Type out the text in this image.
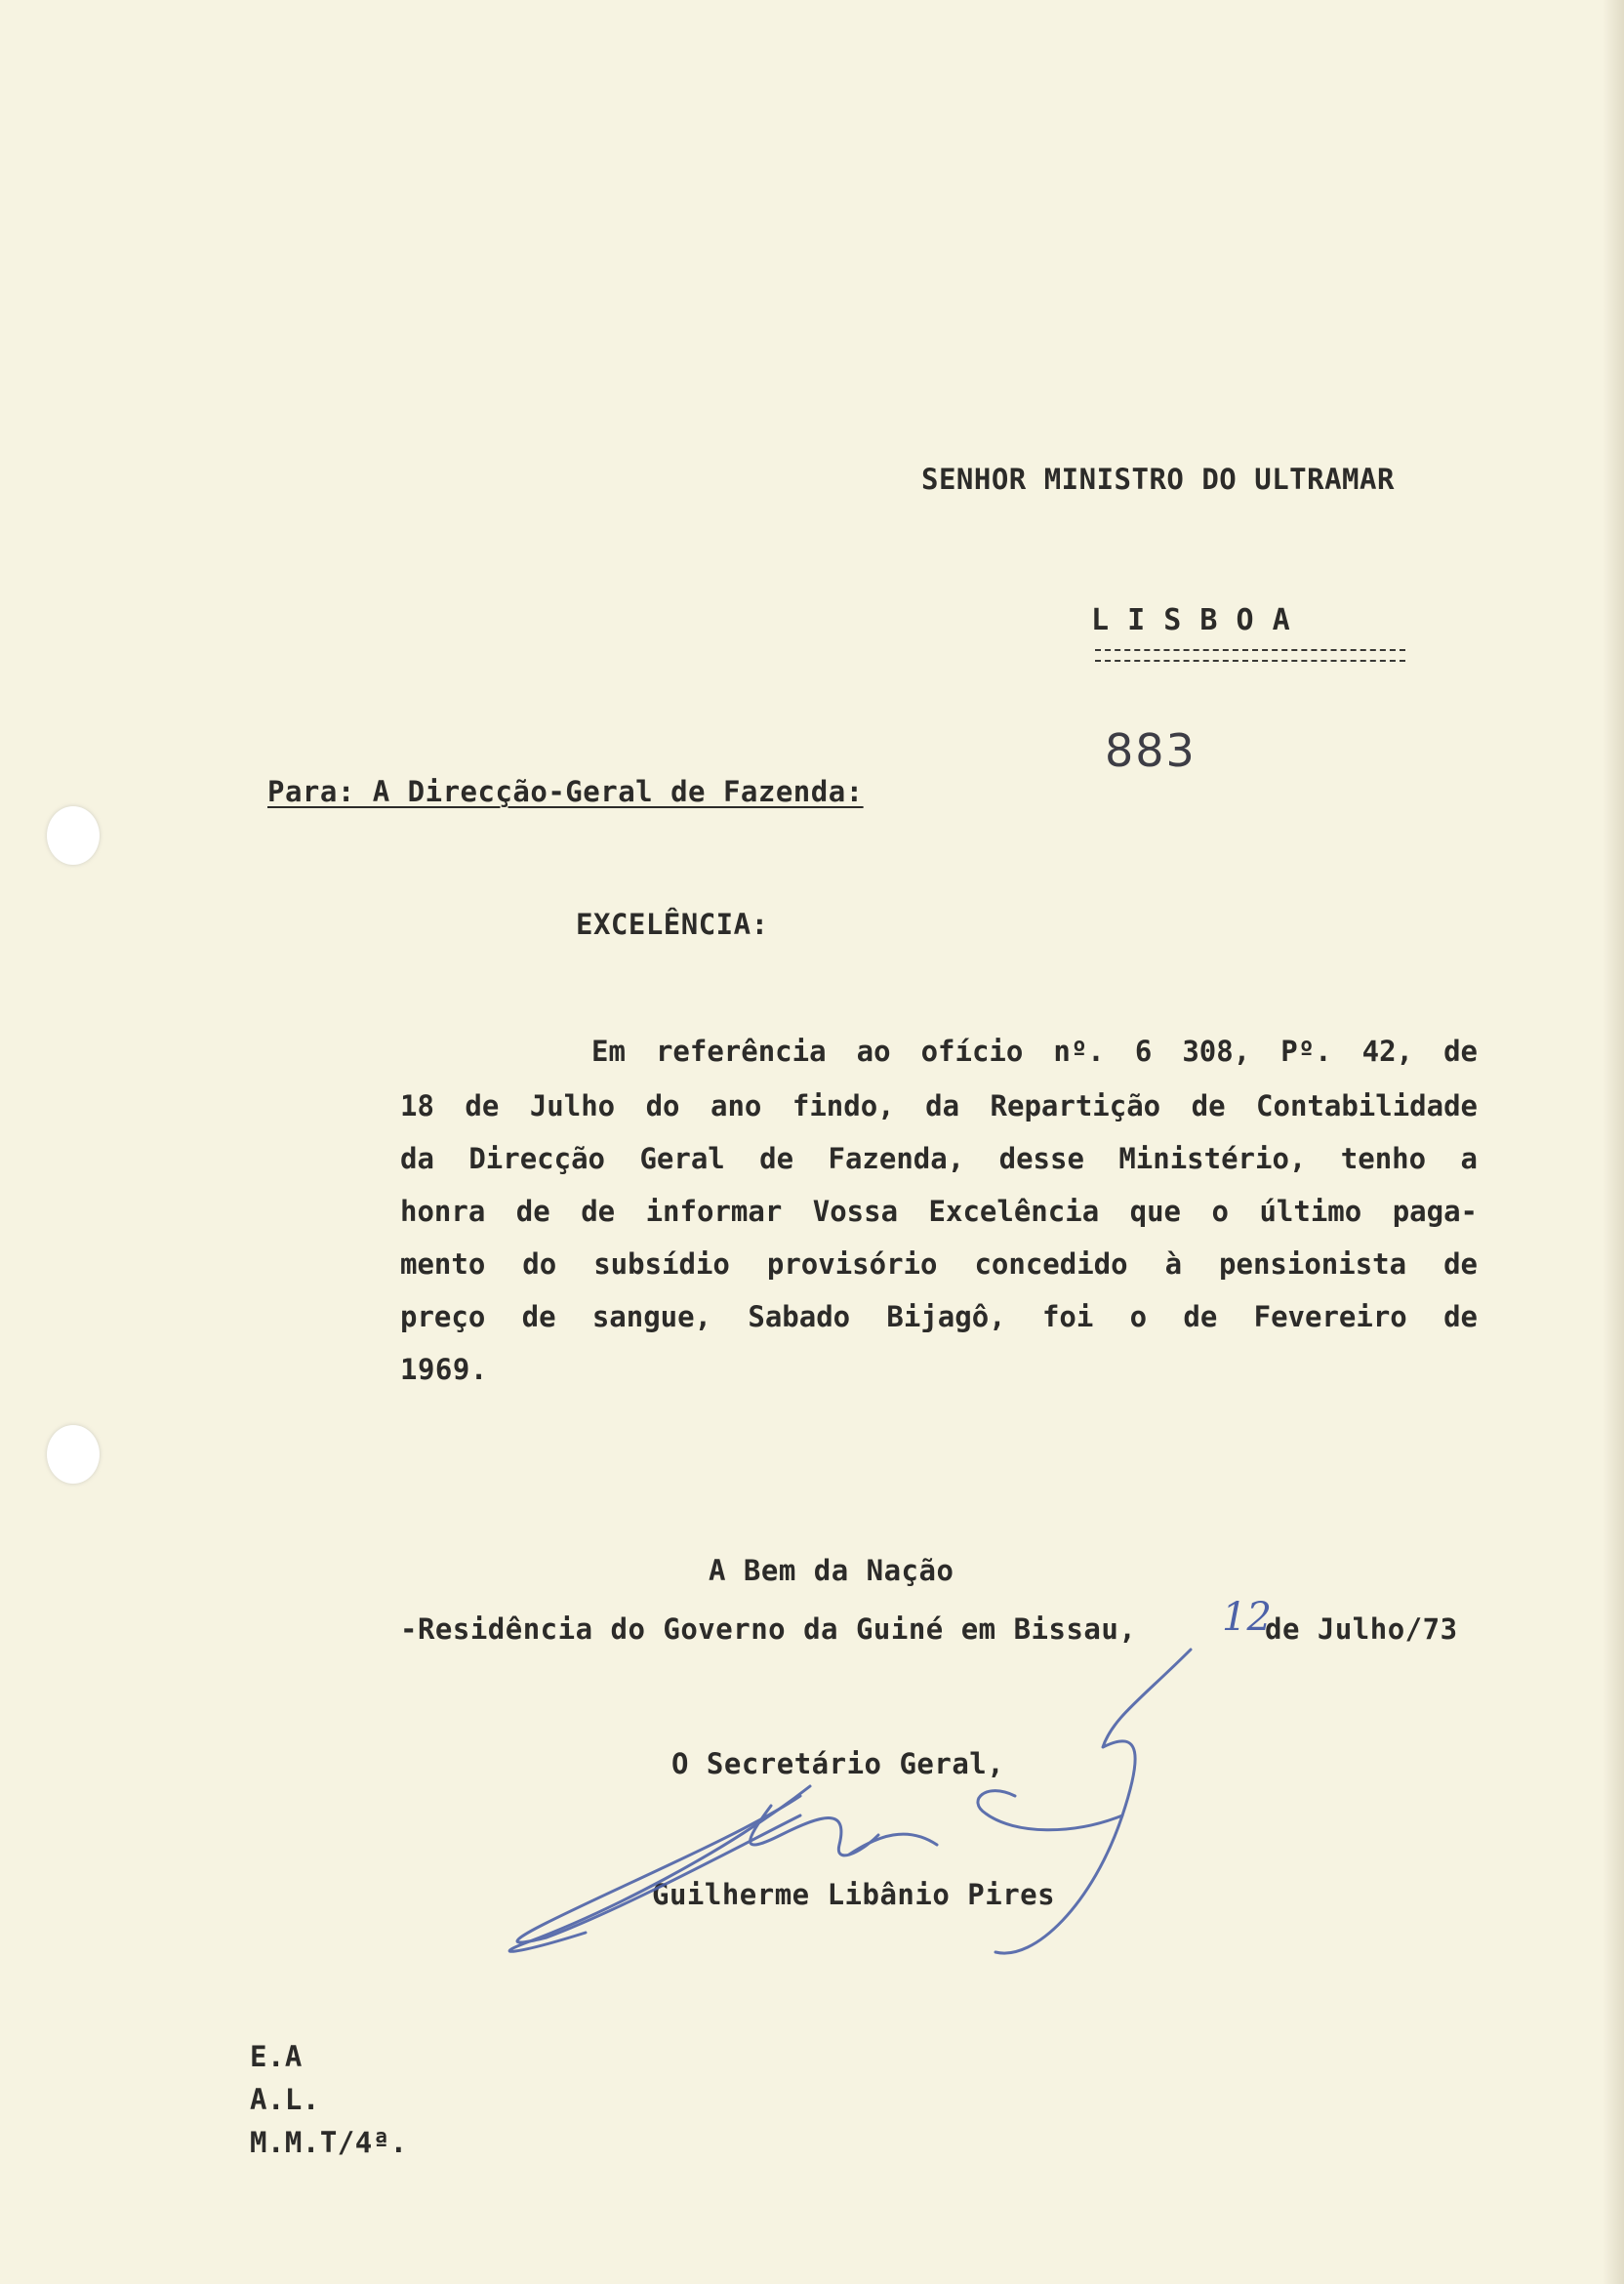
SENHOR MINISTRO DO ULTRAMAR

L I S B O A

883

Para: A Direcção-Geral de Fazenda:

EXCELÊNCIA:

Em referência ao ofício nº. 6 308, Pº. 42, de

18 de Julho do ano findo, da Repartição de Contabilidade

da Direcção Geral de Fazenda, desse Ministério, tenho a

honra de de informar Vossa Excelência que o último paga-

mento do subsídio provisório concedido à pensionista de

preço de sangue, Sabado Bijagô, foi o de Fevereiro de

1969.

A Bem da Nação

-Residência do Governo da Guiné em Bissau, 12

de Julho/73

O Secretário Geral,

Guilherme Libânio Pires

E.A

A.L.

M.M.T/4ª.
